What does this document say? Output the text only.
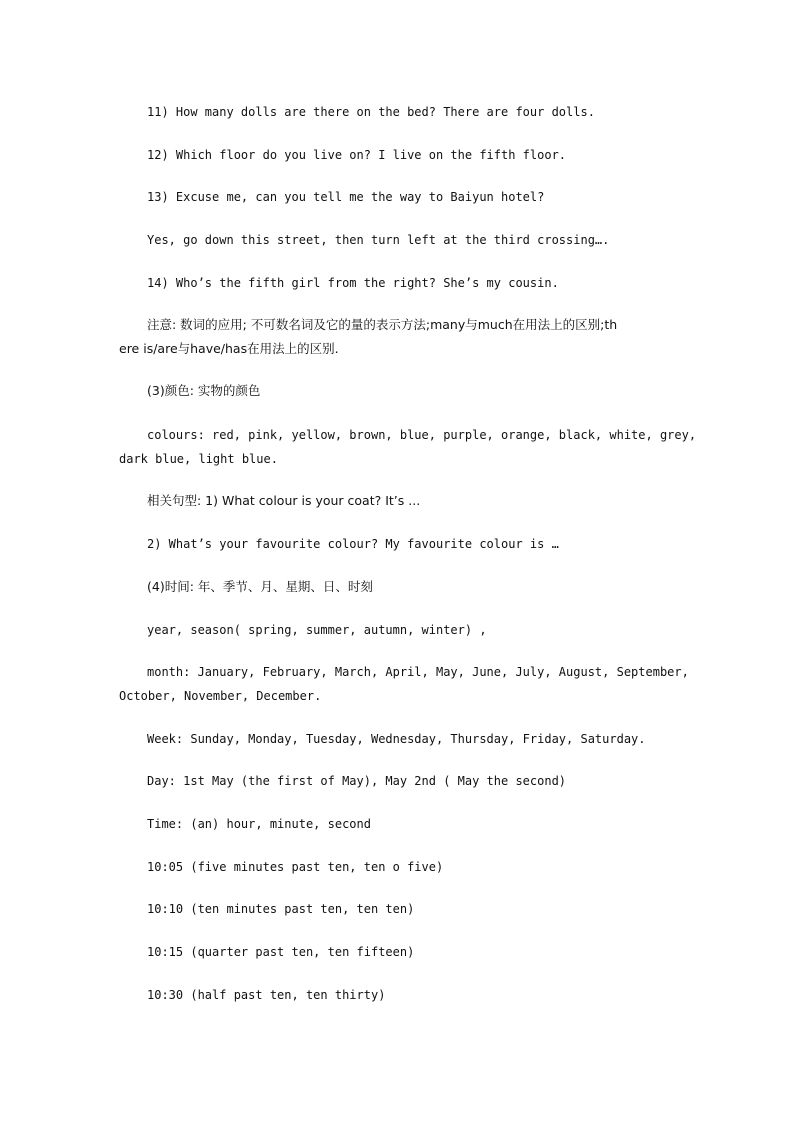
11) How many dolls are there on the bed? There are four dolls.
12) Which floor do you live on? I live on the fifth floor.
13) Excuse me, can you tell me the way to Baiyun hotel?
Yes, go down this street, then turn left at the third crossing….
14) Who’s the fifth girl from the right? She’s my cousin.
注意: 数词的应用; 不可数名词及它的量的表示方法;many与much在用法上的区别;th
ere is/are与have/has在用法上的区别.
(3)颜色: 实物的颜色
colours: red, pink, yellow, brown, blue, purple, orange, black, white, grey,
dark blue, light blue.
相关句型: 1) What colour is your coat? It’s ...
2) What’s your favourite colour? My favourite colour is …
(4)时间: 年、季节、月、星期、日、时刻
year, season( spring, summer, autumn, winter) ,
month: January, February, March, April, May, June, July, August, September,
October, November, December.
Week: Sunday, Monday, Tuesday, Wednesday, Thursday, Friday, Saturday.
Day: 1st May (the first of May), May 2nd ( May the second)
Time: (an) hour, minute, second
10:05 (five minutes past ten, ten o five)
10:10 (ten minutes past ten, ten ten)
10:15 (quarter past ten, ten fifteen)
10:30 (half past ten, ten thirty)
